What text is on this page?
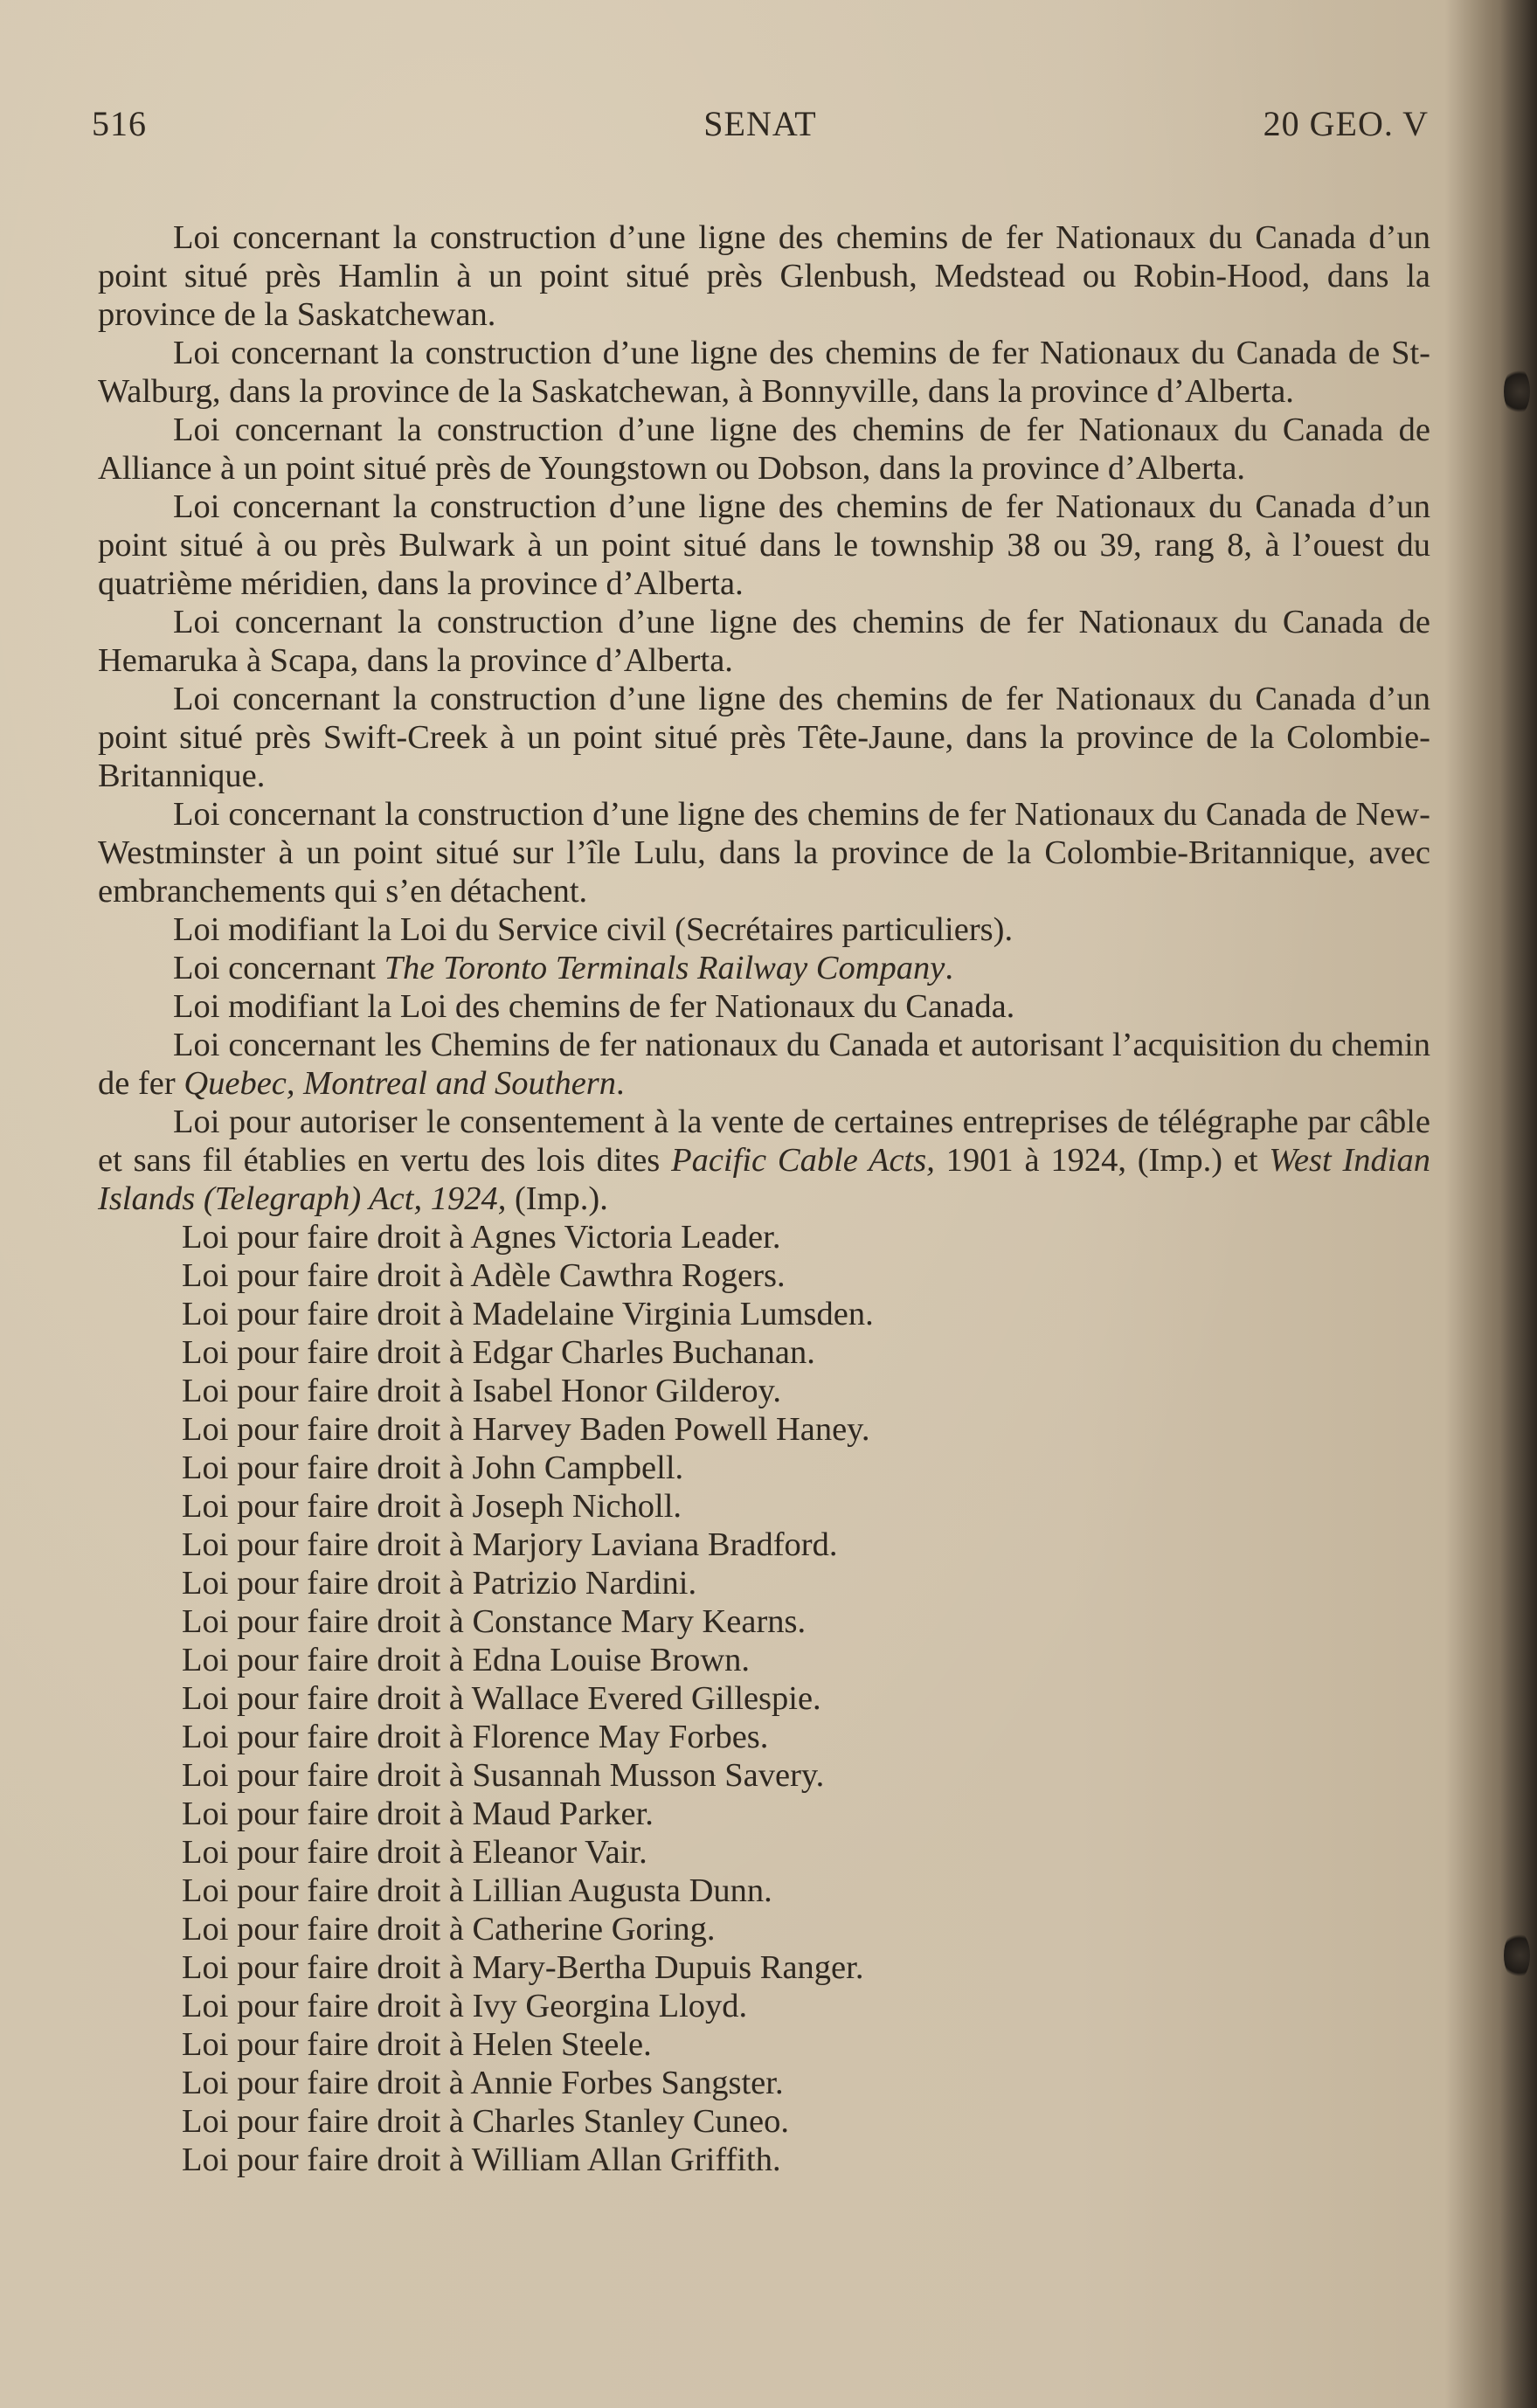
516	SENAT	20 GEO. V

Loi concernant la construction d’une ligne des chemins de fer Nationaux du Canada d’un point situé près Hamlin à un point situé près Glenbush, Medstead ou Robin-Hood, dans la province de la Saskatchewan.

Loi concernant la construction d’une ligne des chemins de fer Nationaux du Canada de St-Walburg, dans la province de la Saskatchewan, à Bonnyville, dans la province d’Alberta.

Loi concernant la construction d’une ligne des chemins de fer Nationaux du Canada de Alliance à un point situé près de Youngstown ou Dobson, dans la province d’Alberta.

Loi concernant la construction d’une ligne des chemins de fer Nationaux du Canada d’un point situé à ou près Bulwark à un point situé dans le township 38 ou 39, rang 8, à l’ouest du quatrième méridien, dans la province d’Alberta.

Loi concernant la construction d’une ligne des chemins de fer Nationaux du Canada de Hemaruka à Scapa, dans la province d’Alberta.

Loi concernant la construction d’une ligne des chemins de fer Nationaux du Canada d’un point situé près Swift-Creek à un point situé près Tête-Jaune, dans la province de la Colombie-Britannique.

Loi concernant la construction d’une ligne des chemins de fer Nationaux du Canada de New-Westminster à un point situé sur l’île Lulu, dans la province de la Colombie-Britannique, avec embranchements qui s’en détachent.

Loi modifiant la Loi du Service civil (Secrétaires particuliers).

Loi concernant The Toronto Terminals Railway Company.

Loi modifiant la Loi des chemins de fer Nationaux du Canada.

Loi concernant les Chemins de fer nationaux du Canada et autorisant l’acquisition du chemin de fer Quebec, Montreal and Southern.

Loi pour autoriser le consentement à la vente de certaines entreprises de télégraphe par câble et sans fil établies en vertu des lois dites Pacific Cable Acts, 1901 à 1924, (Imp.) et West Indian Islands (Telegraph) Act, 1924, (Imp.).

Loi pour faire droit à Agnes Victoria Leader.

Loi pour faire droit à Adèle Cawthra Rogers.

Loi pour faire droit à Madelaine Virginia Lumsden.

Loi pour faire droit à Edgar Charles Buchanan.

Loi pour faire droit à Isabel Honor Gilderoy.

Loi pour faire droit à Harvey Baden Powell Haney.

Loi pour faire droit à John Campbell.

Loi pour faire droit à Joseph Nicholl.

Loi pour faire droit à Marjory Laviana Bradford.

Loi pour faire droit à Patrizio Nardini.

Loi pour faire droit à Constance Mary Kearns.

Loi pour faire droit à Edna Louise Brown.

Loi pour faire droit à Wallace Evered Gillespie.

Loi pour faire droit à Florence May Forbes.

Loi pour faire droit à Susannah Musson Savery.

Loi pour faire droit à Maud Parker.

Loi pour faire droit à Eleanor Vair.

Loi pour faire droit à Lillian Augusta Dunn.

Loi pour faire droit à Catherine Goring.

Loi pour faire droit à Mary-Bertha Dupuis Ranger.

Loi pour faire droit à Ivy Georgina Lloyd.

Loi pour faire droit à Helen Steele.

Loi pour faire droit à Annie Forbes Sangster.

Loi pour faire droit à Charles Stanley Cuneo.

Loi pour faire droit à William Allan Griffith.
